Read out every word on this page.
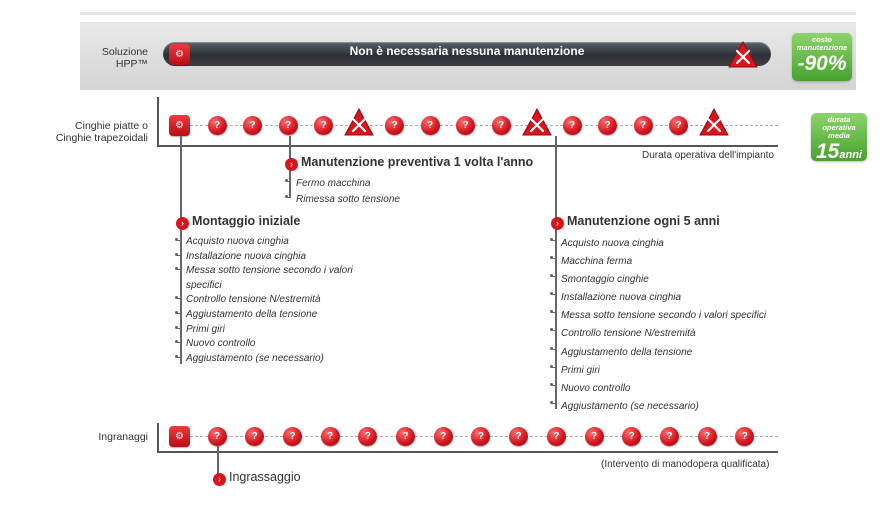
Soluzione
HPP™
Non è necessaria nessuna manutenzione
⚙
costo
manutenzione
-90%
Cinghie piatte o
Cinghie trapezoidali
Durata operativa dell'impianto
durata operativa
media
15anni
⚙	?	?	?	?	?	?	?	?	?	?	?	?
› Manutenzione preventiva 1 volta l'anno
Fermo macchina
Rimessa sotto tensione
› Montaggio iniziale
Acquisto nuova cinghia
Installazione nuova cinghia
Messa sotto tensione secondo i valori
specifici
Controllo tensione N/estremità
Aggiustamento della tensione
Primi giri
Nuovo controllo
Aggiustamento (se necessario)
› Manutenzione ogni 5 anni
Acquisto nuova cinghia
Macchina ferma
Smontaggio cinghie
Installazione nuova cinghia
Messa sotto tensione secondo i valori specifici
Controllo tensione N/estremità
Aggiustamento della tensione
Primi giri
Nuovo controllo
Aggiustamento (se necessario)
Ingranaggi
(Intervento di manodopera qualificata)
⚙	?	?	?	?	?	?	?	?	?	?	?	?	?	?	?
› Ingrassaggio
